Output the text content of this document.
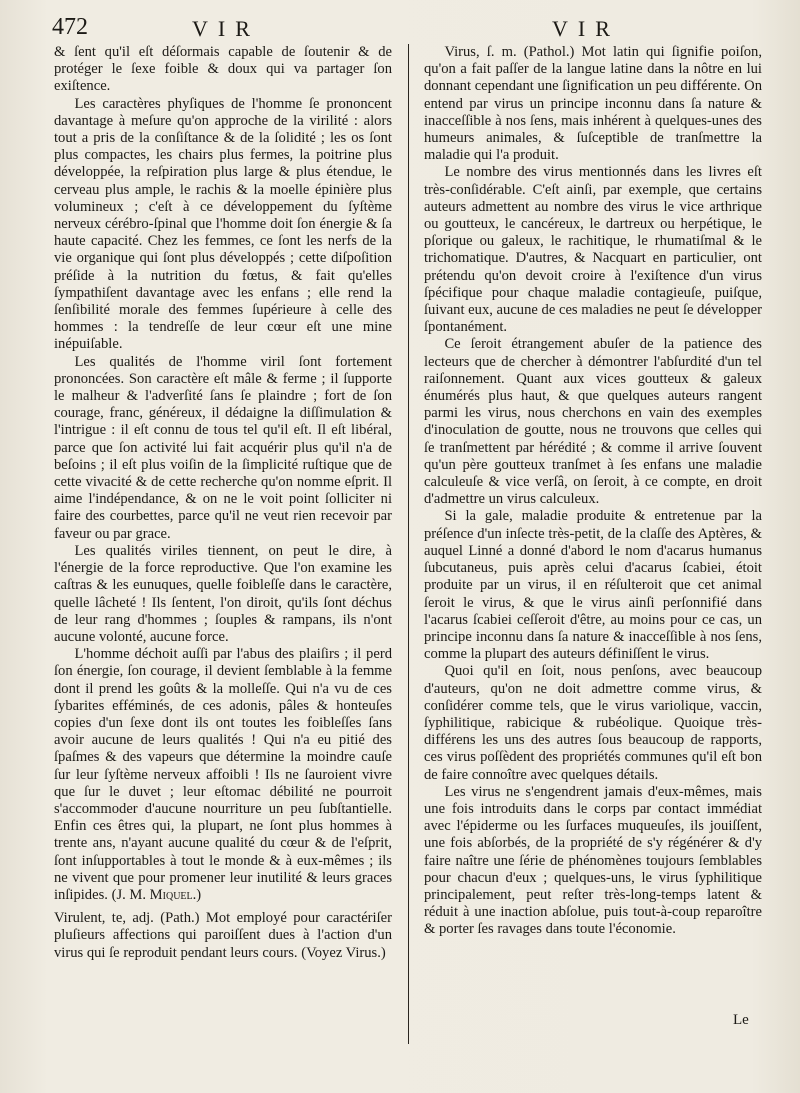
472	VIR	VIR

& ſent qu'il eſt déſormais capable de ſoutenir & de protéger le ſexe foible & doux qui va partager ſon exiſtence.

Les caractères phyſiques de l'homme ſe prononcent davantage à meſure qu'on approche de la virilité : alors tout a pris de la conſiſtance & de la ſolidité ; les os ſont plus compactes, les chairs plus fermes, la poitrine plus développée, la reſpiration plus large & plus étendue, le cerveau plus ample, le rachis & la moelle épinière plus volumineux ; c'eſt à ce développement du ſyſtème nerveux cérébro-ſpinal que l'homme doit ſon énergie & ſa haute capacité. Chez les femmes, ce ſont les nerfs de la vie organique qui ſont plus développés ; cette diſpoſition préſide à la nutrition du fœtus, & fait qu'elles ſympathiſent davantage avec les enfans ; elle rend la ſenſibilité morale des femmes ſupérieure à celle des hommes : la tendreſſe de leur cœur eſt une mine inépuiſable.

Les qualités de l'homme viril ſont fortement prononcées. Son caractère eſt mâle & ferme ; il ſupporte le malheur & l'adverſité ſans ſe plaindre ; fort de ſon courage, franc, généreux, il dédaigne la diſſimulation & l'intrigue : il eſt connu de tous tel qu'il eſt. Il eſt libéral, parce que ſon activité lui fait acquérir plus qu'il n'a de beſoins ; il eſt plus voiſin de la ſimplicité ruſtique que de cette vivacité & de cette recherche qu'on nomme eſprit. Il aime l'indépendance, & on ne le voit point ſolliciter ni faire des courbettes, parce qu'il ne veut rien recevoir par faveur ou par grace.

Les qualités viriles tiennent, on peut le dire, à l'énergie de la force reproductive. Que l'on examine les caſtras & les eunuques, quelle foibleſſe dans le caractère, quelle lâcheté ! Ils ſentent, l'on diroit, qu'ils ſont déchus de leur rang d'hommes ; ſouples & rampans, ils n'ont aucune volonté, aucune force.

L'homme déchoit auſſi par l'abus des plaiſirs ; il perd ſon énergie, ſon courage, il devient ſemblable à la femme dont il prend les goûts & la molleſſe. Qui n'a vu de ces ſybarites efféminés, de ces adonis, pâles & honteuſes copies d'un ſexe dont ils ont toutes les foibleſſes ſans avoir aucune de leurs qualités ! Qui n'a eu pitié des ſpaſmes & des vapeurs que détermine la moindre cauſe ſur leur ſyſtème nerveux affoibli ! Ils ne ſauroient vivre que ſur le duvet ; leur eſtomac débilité ne pourroit s'accommoder d'aucune nourriture un peu ſubſtantielle. Enfin ces êtres qui, la plupart, ne ſont plus hommes à trente ans, n'ayant aucune qualité du cœur & de l'eſprit, ſont inſupportables à tout le monde & à eux-mêmes ; ils ne vivent que pour promener leur inutilité & leurs graces inſipides. (J. M. Miquel.)

Virulent, te, adj. (Path.) Mot employé pour caractériſer pluſieurs affections qui paroiſſent dues à l'action d'un virus qui ſe reproduit pendant leurs cours. (Voyez Virus.)

Virus, ſ. m. (Pathol.) Mot latin qui ſignifie poiſon, qu'on a fait paſſer de la langue latine dans la nôtre en lui donnant cependant une ſignification un peu différente. On entend par virus un principe inconnu dans ſa nature & inacceſſible à nos ſens, mais inhérent à quelques-unes des humeurs animales, & ſuſceptible de tranſmettre la maladie qui l'a produit.

Le nombre des virus mentionnés dans les livres eſt très-conſidérable. C'eſt ainſi, par exemple, que certains auteurs admettent au nombre des virus le vice arthrique ou goutteux, le cancéreux, le dartreux ou herpétique, le pſorique ou galeux, le rachitique, le rhumatiſmal & le trichomatique. D'autres, & Nacquart en particulier, ont prétendu qu'on devoit croire à l'exiſtence d'un virus ſpécifique pour chaque maladie contagieuſe, puiſque, ſuivant eux, aucune de ces maladies ne peut ſe développer ſpontanément.

Ce ſeroit étrangement abuſer de la patience des lecteurs que de chercher à démontrer l'abſurdité d'un tel raiſonnement. Quant aux vices goutteux & galeux énumérés plus haut, & que quelques auteurs rangent parmi les virus, nous cherchons en vain des exemples d'inoculation de goutte, nous ne trouvons que celles qui ſe tranſmettent par hérédité ; & comme il arrive ſouvent qu'un père goutteux tranſmet à ſes enfans une maladie calculeuſe & vice verſâ, on ſeroit, à ce compte, en droit d'admettre un virus calculeux.

Si la gale, maladie produite & entretenue par la préſence d'un inſecte très-petit, de la claſſe des Aptères, & auquel Linné a donné d'abord le nom d'acarus humanus ſubcutaneus, puis après celui d'acarus ſcabiei, étoit produite par un virus, il en réſulteroit que cet animal ſeroit le virus, & que le virus ainſi perſonnifié dans l'acarus ſcabiei ceſſeroit d'être, au moins pour ce cas, un principe inconnu dans ſa nature & inacceſſible à nos ſens, comme la plupart des auteurs définiſſent le virus.

Quoi qu'il en ſoit, nous penſons, avec beaucoup d'auteurs, qu'on ne doit admettre comme virus, & conſidérer comme tels, que le virus variolique, vaccin, ſyphilitique, rabicique & rubéolique. Quoique très-différens les uns des autres ſous beaucoup de rapports, ces virus poſſèdent des propriétés communes qu'il eſt bon de faire connoître avec quelques détails.

Les virus ne s'engendrent jamais d'eux-mêmes, mais une fois introduits dans le corps par contact immédiat avec l'épiderme ou les ſurfaces muqueuſes, ils jouiſſent, une fois abſorbés, de la propriété de s'y régénérer & d'y faire naître une ſérie de phénomènes toujours ſemblables pour chacun d'eux ; quelques-uns, le virus ſyphilitique principalement, peut reſter très-long-temps latent & réduit à une inaction abſolue, puis tout-à-coup reparoître & porter ſes ravages dans toute l'économie.

Le
